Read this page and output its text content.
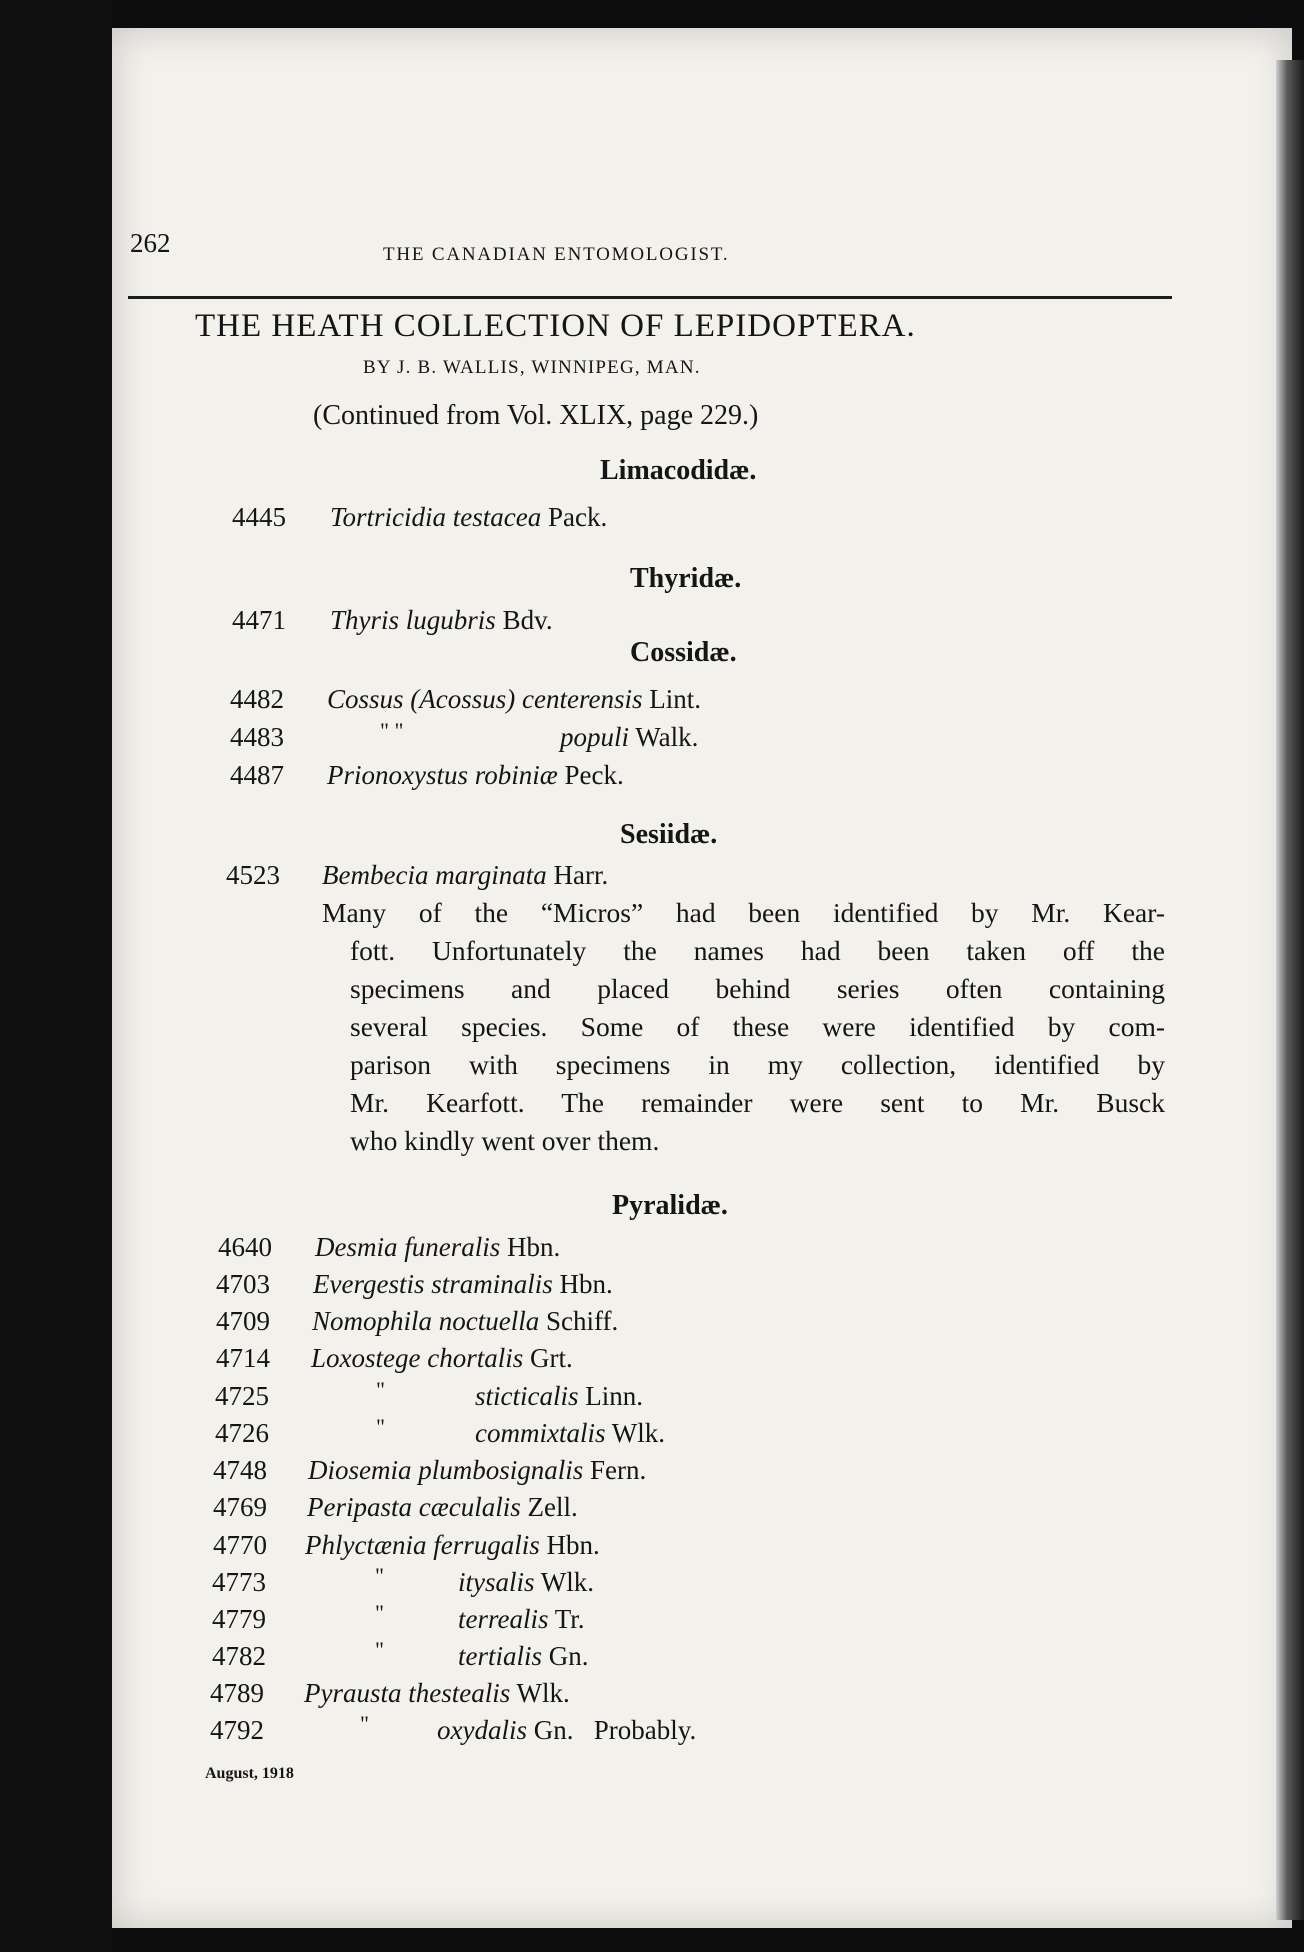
262	THE CANADIAN ENTOMOLOGIST.
THE HEATH COLLECTION OF LEPIDOPTERA.
BY J. B. WALLIS, WINNIPEG, MAN.
(Continued from Vol. XLIX, page 229.)
Limacodidæ.
Thyridæ.
Cossidæ.
Sesiidæ.
Pyralidæ.
4445 Tortricidia testacea Pack.
4471 Thyris lugubris Bdv.
4482 Cossus (Acossus) centerensis Lint.
4483	" "	populi Walk.
4487 Prionoxystus robiniæ Peck.
4523 Bembecia marginata Harr.
4640 Desmia funeralis Hbn.
4703 Evergestis straminalis Hbn.
4709 Nomophila noctuella Schiff.
4714 Loxostege chortalis Grt.
4725	"	sticticalis Linn.
4726	"	commixtalis Wlk.
4748 Diosemia plumbosignalis Fern.
4769 Peripasta cæculalis Zell.
4770 Phlyctænia ferrugalis Hbn.
4773	"	itysalis Wlk.
4779	"	terrealis Tr.
4782	"	tertialis Gn.
4789 Pyrausta thestealis Wlk.
4792	"	oxydalis Gn.   Probably.
Many of the “Micros” had been identified by Mr. Kear-
fott. Unfortunately the names had been taken off the
specimens and placed behind series often containing
several species. Some of these were identified by com-
parison with specimens in my collection, identified by
Mr. Kearfott. The remainder were sent to Mr. Busck
who kindly went over them.
August, 1918
